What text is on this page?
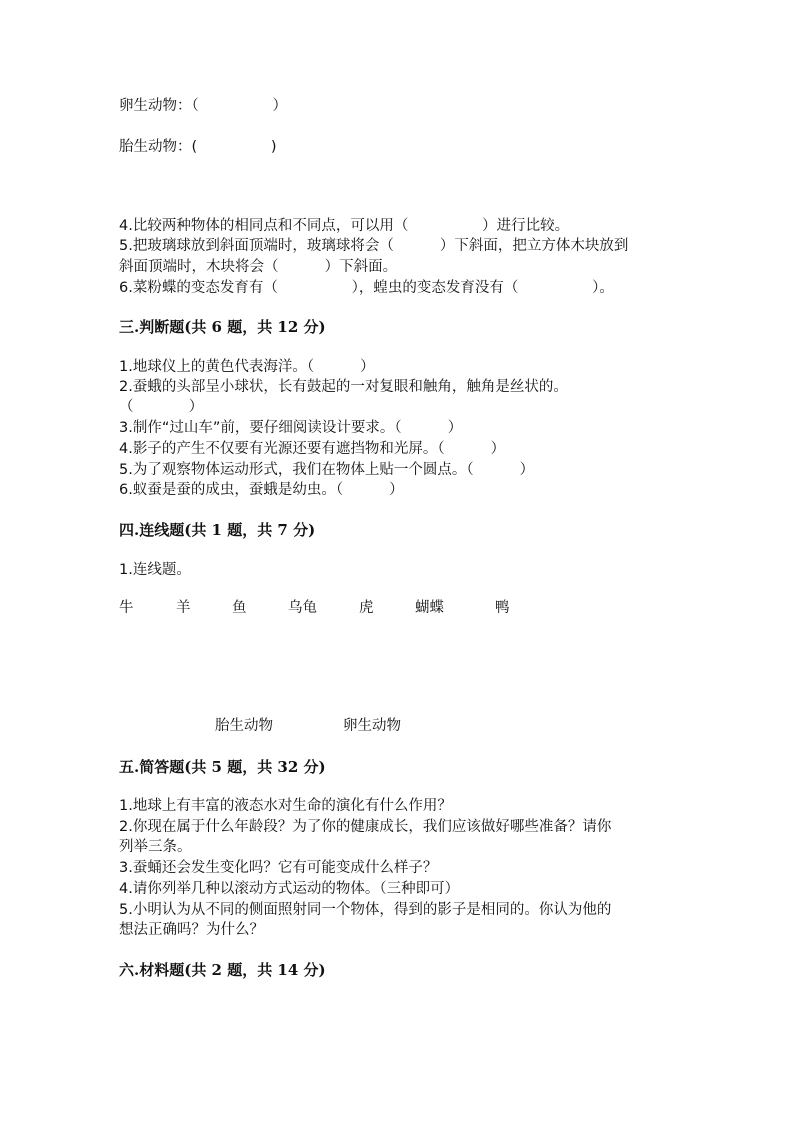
卵生动物：（                ）
胎生动物：(                )
4.比较两种物体的相同点和不同点，可以用（                ）进行比较。
5.把玻璃球放到斜面顶端时，玻璃球将会（          ）下斜面，把立方体木块放到
斜面顶端时，木块将会（          ）下斜面。
6.菜粉蝶的变态发育有（                ），蝗虫的变态发育没有（                ）。
三.判断题(共 6 题，共 12 分)
1.地球仪上的黄色代表海洋。（          ）
2.蚕蛾的头部呈小球状，长有鼓起的一对复眼和触角，触角是丝状的。
（            ）
3.制作“过山车”前，要仔细阅读设计要求。（          ）
4.影子的产生不仅要有光源还要有遮挡物和光屏。（          ）
5.为了观察物体运动形式，我们在物体上贴一个圆点。（          ）
6.蚁蚕是蚕的成虫，蚕蛾是幼虫。（          ）
四.连线题(共 1 题，共 7 分)
1.连线题。
牛	羊	鱼	乌龟	虎	蝴蝶	鸭
胎生动物	卵生动物
五.简答题(共 5 题，共 32 分)
1.地球上有丰富的液态水对生命的演化有什么作用？
2.你现在属于什么年龄段？为了你的健康成长，我们应该做好哪些准备？请你
列举三条。
3.蚕蛹还会发生变化吗？它有可能变成什么样子？
4.请你列举几种以滚动方式运动的物体。（三种即可）
5.小明认为从不同的侧面照射同一个物体，得到的影子是相同的。你认为他的
想法正确吗？为什么？
六.材料题(共 2 题，共 14 分)
